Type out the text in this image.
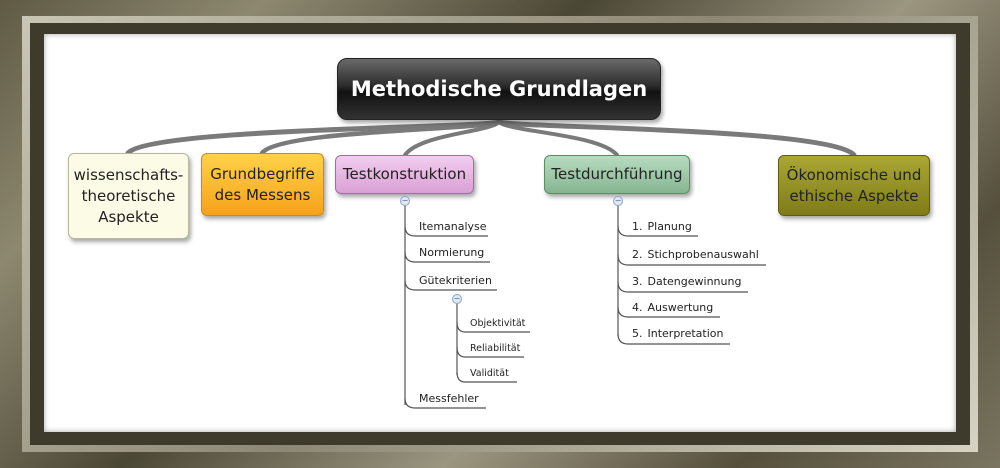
Methodische Grundlagen
wissenschafts-
theoretische
Aspekte
Grundbegriffe
des Messens
Testkonstruktion	Testdurchführung	Ökonomische und
ethische Aspekte
−
−
−
Itemanalyse
Normierung
Gütekriterien
Objektivität
Reliabilität
Validität
Messfehler
1. Planung
2. Stichprobenauswahl
3. Datengewinnung
4. Auswertung
5. Interpretation
